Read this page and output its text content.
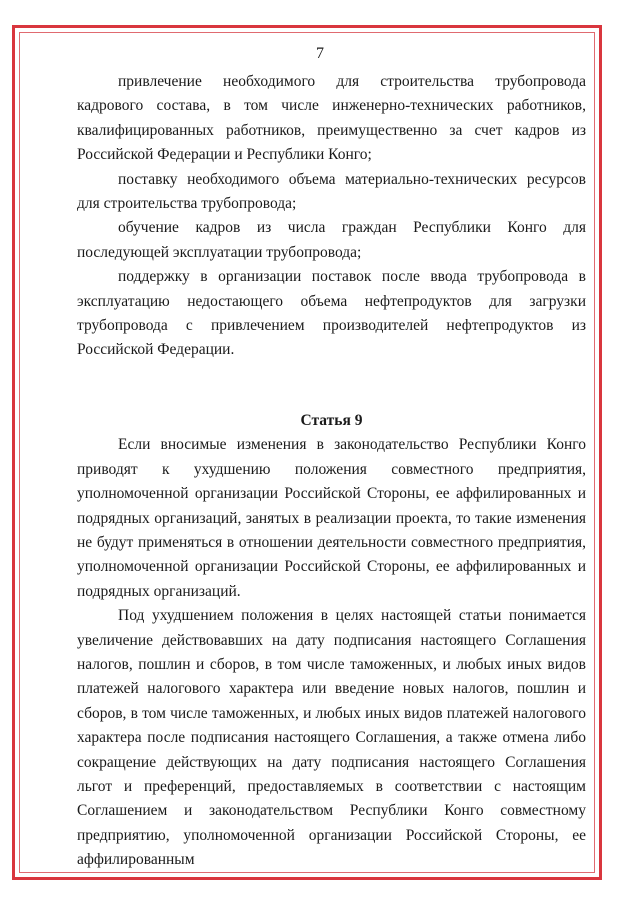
7

привлечение необходимого для строительства трубопровода кадрового состава, в том числе инженерно-технических работников, квалифицированных работников, преимущественно за счет кадров из Российской Федерации и Республики Конго;

поставку необходимого объема материально-технических ресурсов для строительства трубопровода;

обучение кадров из числа граждан Республики Конго для последующей эксплуатации трубопровода;

поддержку в организации поставок после ввода трубопровода в эксплуатацию недостающего объема нефтепродуктов для загрузки трубопровода с привлечением производителей нефтепродуктов из Российской Федерации.

Статья 9

Если вносимые изменения в законодательство Республики Конго приводят к ухудшению положения совместного предприятия, уполномоченной организации Российской Стороны, ее аффилированных и подрядных организаций, занятых в реализации проекта, то такие изменения не будут применяться в отношении деятельности совместного предприятия, уполномоченной организации Российской Стороны, ее аффилированных и подрядных организаций.

Под ухудшением положения в целях настоящей статьи понимается увеличение действовавших на дату подписания настоящего Соглашения налогов, пошлин и сборов, в том числе таможенных, и любых иных видов платежей налогового характера или введение новых налогов, пошлин и сборов, в том числе таможенных, и любых иных видов платежей налогового характера после подписания настоящего Соглашения, а также отмена либо сокращение действующих на дату подписания настоящего Соглашения льгот и преференций, предоставляемых в соответствии с настоящим Соглашением и законодательством Республики Конго совместному предприятию, уполномоченной организации Российской Стороны, ее аффилированным
